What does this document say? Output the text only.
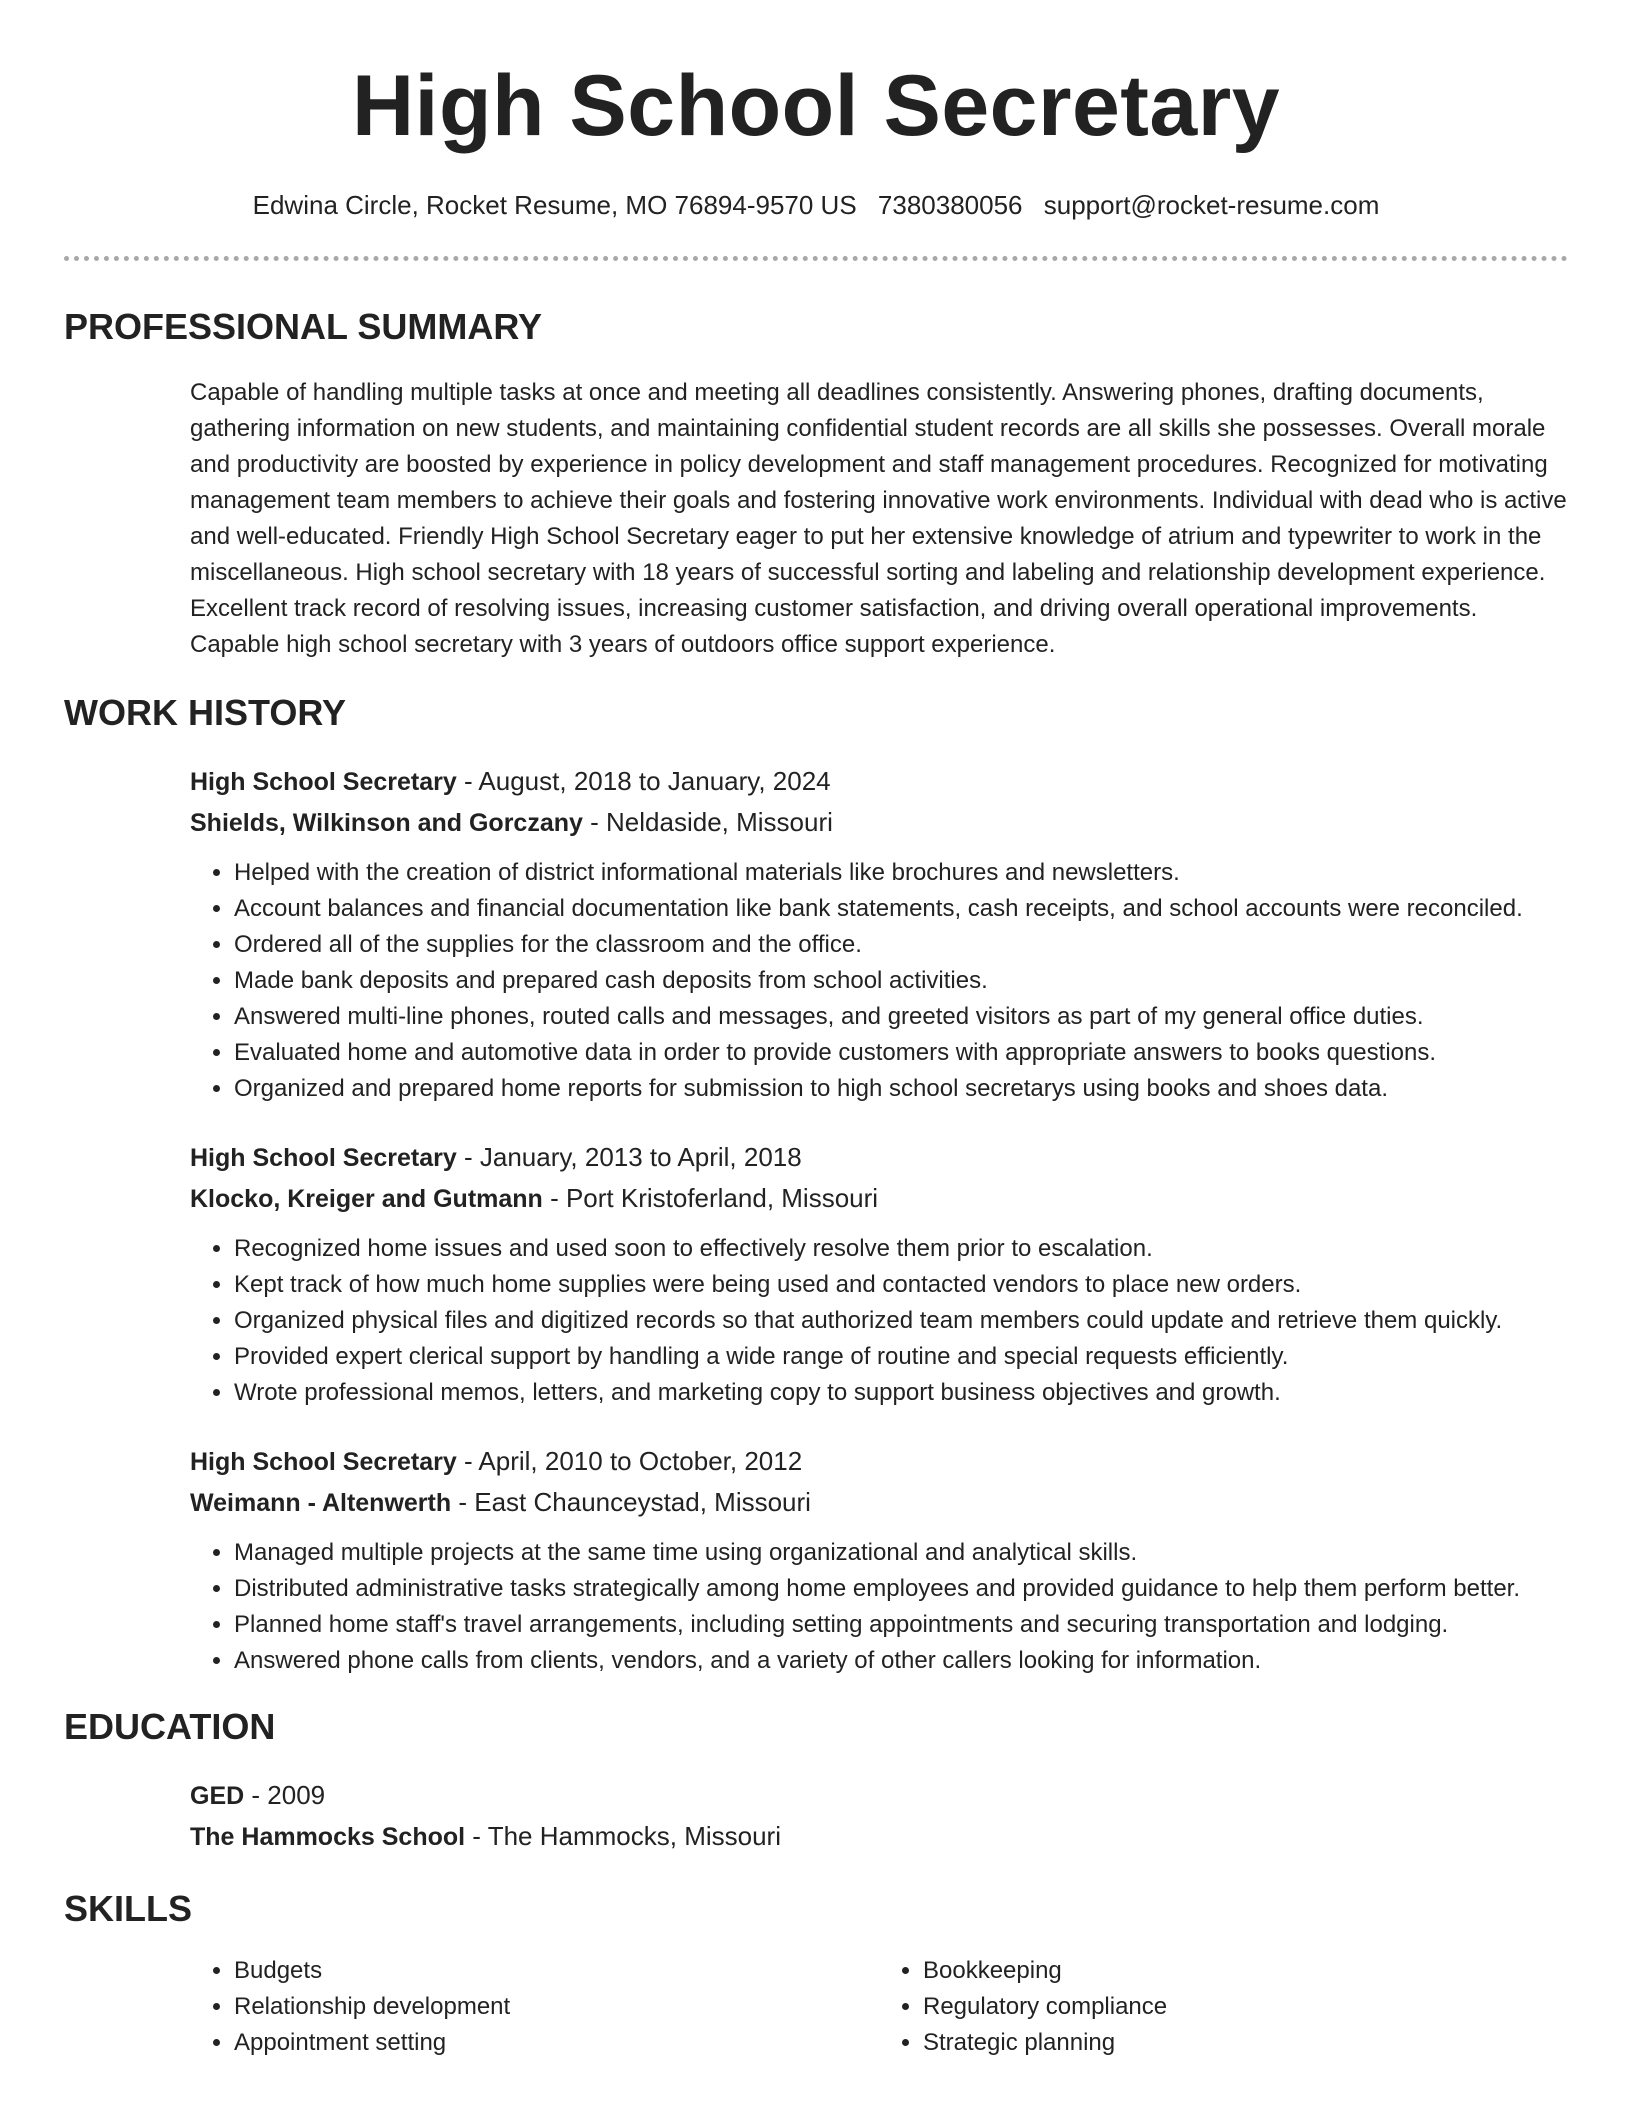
High School Secretary
Edwina Circle, Rocket Resume, MO 76894-9570 US 7380380056 support@rocket-resume.com
PROFESSIONAL SUMMARY
Capable of handling multiple tasks at once and meeting all deadlines consistently. Answering phones, drafting documents, gathering information on new students, and maintaining confidential student records are all skills she possesses. Overall morale and productivity are boosted by experience in policy development and staff management procedures. Recognized for motivating management team members to achieve their goals and fostering innovative work environments. Individual with dead who is active and well-educated. Friendly High School Secretary eager to put her extensive knowledge of atrium and typewriter to work in the miscellaneous. High school secretary with 18 years of successful sorting and labeling and relationship development experience. Excellent track record of resolving issues, increasing customer satisfaction, and driving overall operational improvements. Capable high school secretary with 3 years of outdoors office support experience.
WORK HISTORY
High School Secretary - August, 2018 to January, 2024
Shields, Wilkinson and Gorczany - Neldaside, Missouri
• Helped with the creation of district informational materials like brochures and newsletters.
• Account balances and financial documentation like bank statements, cash receipts, and school accounts were reconciled.
• Ordered all of the supplies for the classroom and the office.
• Made bank deposits and prepared cash deposits from school activities.
• Answered multi-line phones, routed calls and messages, and greeted visitors as part of my general office duties.
• Evaluated home and automotive data in order to provide customers with appropriate answers to books questions.
• Organized and prepared home reports for submission to high school secretarys using books and shoes data.
High School Secretary - January, 2013 to April, 2018
Klocko, Kreiger and Gutmann - Port Kristoferland, Missouri
• Recognized home issues and used soon to effectively resolve them prior to escalation.
• Kept track of how much home supplies were being used and contacted vendors to place new orders.
• Organized physical files and digitized records so that authorized team members could update and retrieve them quickly.
• Provided expert clerical support by handling a wide range of routine and special requests efficiently.
• Wrote professional memos, letters, and marketing copy to support business objectives and growth.
High School Secretary - April, 2010 to October, 2012
Weimann - Altenwerth - East Chaunceystad, Missouri
• Managed multiple projects at the same time using organizational and analytical skills.
• Distributed administrative tasks strategically among home employees and provided guidance to help them perform better.
• Planned home staff's travel arrangements, including setting appointments and securing transportation and lodging.
• Answered phone calls from clients, vendors, and a variety of other callers looking for information.
EDUCATION
GED - 2009
The Hammocks School - The Hammocks, Missouri
SKILLS
• Budgets
• Relationship development
• Appointment setting
• Bookkeeping
• Regulatory compliance
• Strategic planning
